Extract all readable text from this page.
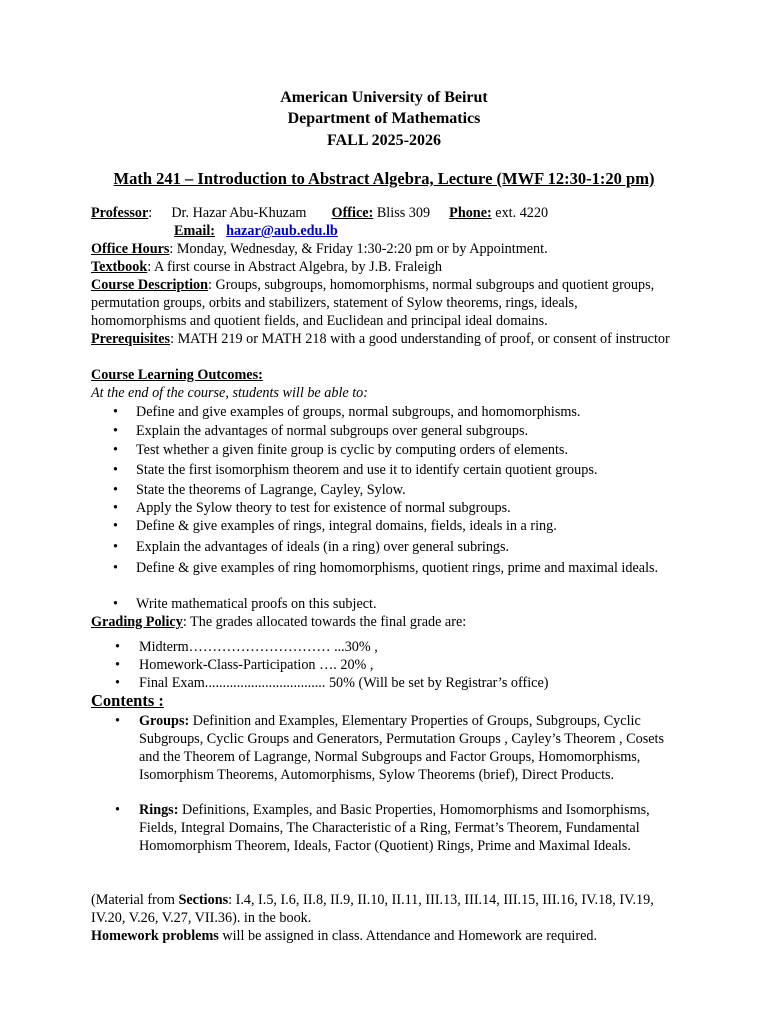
American University of Beirut
Department of Mathematics
FALL 2025-2026
Math 241 – Introduction to Abstract Algebra, Lecture (MWF 12:30-1:20 pm)
Professor: Dr. Hazar Abu-Khuzam Office: Bliss 309 Phone: ext. 4220
Email: hazar@aub.edu.lb
Office Hours: Monday, Wednesday, & Friday 1:30-2:20 pm or by Appointment.
Textbook: A first course in Abstract Algebra, by J.B. Fraleigh
Course Description: Groups, subgroups, homomorphisms, normal subgroups and quotient groups, permutation groups, orbits and stabilizers, statement of Sylow theorems, rings, ideals, homomorphisms and quotient fields, and Euclidean and principal ideal domains.
Prerequisites: MATH 219 or MATH 218 with a good understanding of proof, or consent of instructor
Course Learning Outcomes:
At the end of the course, students will be able to:
• Define and give examples of groups, normal subgroups, and homomorphisms.
• Explain the advantages of normal subgroups over general subgroups.
• Test whether a given finite group is cyclic by computing orders of elements.
• State the first isomorphism theorem and use it to identify certain quotient groups.
• State the theorems of Lagrange, Cayley, Sylow.
• Apply the Sylow theory to test for existence of normal subgroups.
• Define & give examples of rings, integral domains, fields, ideals in a ring.
• Explain the advantages of ideals (in a ring) over general subrings.
• Define & give examples of ring homomorphisms, quotient rings, prime and maximal ideals.
• Write mathematical proofs on this subject.
Grading Policy: The grades allocated towards the final grade are:
• Midterm………………………… ...30% ,
• Homework-Class-Participation …. 20% ,
• Final Exam.................................. 50% (Will be set by Registrar’s office)
Contents :
• Groups: Definition and Examples, Elementary Properties of Groups, Subgroups, Cyclic Subgroups, Cyclic Groups and Generators, Permutation Groups , Cayley’s Theorem , Cosets and the Theorem of Lagrange, Normal Subgroups and Factor Groups, Homomorphisms, Isomorphism Theorems, Automorphisms, Sylow Theorems (brief), Direct Products.
• Rings: Definitions, Examples, and Basic Properties, Homomorphisms and Isomorphisms, Fields, Integral Domains, The Characteristic of a Ring, Fermat’s Theorem, Fundamental Homomorphism Theorem, Ideals, Factor (Quotient) Rings, Prime and Maximal Ideals.
(Material from Sections: I.4, I.5, I.6, II.8, II.9, II.10, II.11, III.13, III.14, III.15, III.16, IV.18, IV.19, IV.20, V.26, V.27, VII.36). in the book.
Homework problems will be assigned in class. Attendance and Homework are required.
